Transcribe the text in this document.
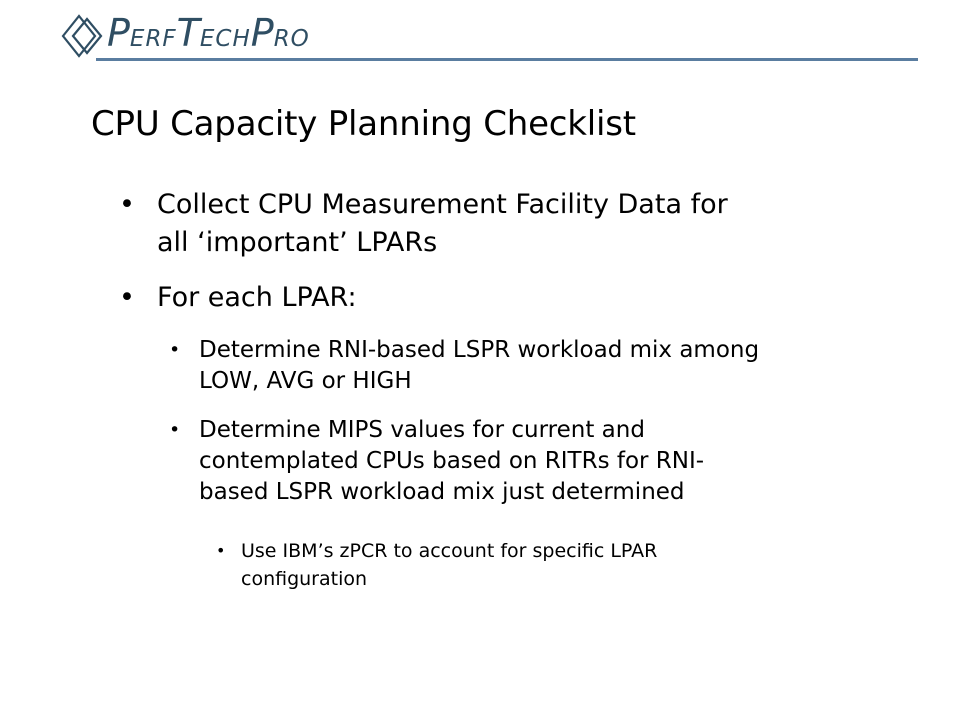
PERFTECHPRO
CPU Capacity Planning Checklist
• Collect CPU Measurement Facility Data for
all ‘important’ LPARs
• For each LPAR:
• Determine RNI-based LSPR workload mix among
LOW, AVG or HIGH
• Determine MIPS values for current and
contemplated CPUs based on RITRs for RNI-
based LSPR workload mix just determined
• Use IBM’s zPCR to account for specific LPAR
configuration
